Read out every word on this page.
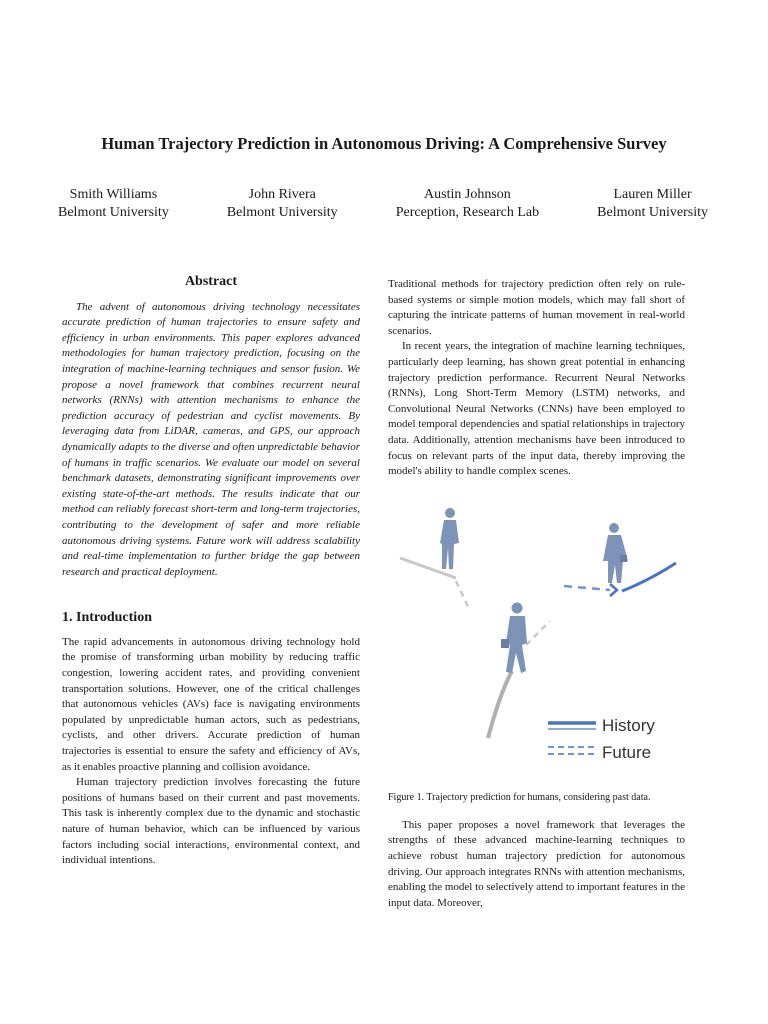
Human Trajectory Prediction in Autonomous Driving: A Comprehensive Survey
Smith Williams
Belmont University
John Rivera
Belmont University
Austin Johnson
Perception, Research Lab
Lauren Miller
Belmont University
Abstract

The advent of autonomous driving technology necessitates accurate prediction of human trajectories to ensure safety and efficiency in urban environments. This paper explores advanced methodologies for human trajectory prediction, focusing on the integration of machine-learning techniques and sensor fusion. We propose a novel framework that combines recurrent neural networks (RNNs) with attention mechanisms to enhance the prediction accuracy of pedestrian and cyclist movements. By leveraging data from LiDAR, cameras, and GPS, our approach dynamically adapts to the diverse and often unpredictable behavior of humans in traffic scenarios. We evaluate our model on several benchmark datasets, demonstrating significant improvements over existing state-of-the-art methods. The results indicate that our method can reliably forecast short-term and long-term trajectories, contributing to the development of safer and more reliable autonomous driving systems. Future work will address scalability and real-time implementation to further bridge the gap between research and practical deployment.

1. Introduction

The rapid advancements in autonomous driving technology hold the promise of transforming urban mobility by reducing traffic congestion, lowering accident rates, and providing convenient transportation solutions. However, one of the critical challenges that autonomous vehicles (AVs) face is navigating environments populated by unpredictable human actors, such as pedestrians, cyclists, and other drivers. Accurate prediction of human trajectories is essential to ensure the safety and efficiency of AVs, as it enables proactive planning and collision avoidance.

Human trajectory prediction involves forecasting the future positions of humans based on their current and past movements. This task is inherently complex due to the dynamic and stochastic nature of human behavior, which can be influenced by various factors including social interactions, environmental context, and individual intentions.

Traditional methods for trajectory prediction often rely on rule-based systems or simple motion models, which may fall short of capturing the intricate patterns of human movement in real-world scenarios.

In recent years, the integration of machine learning techniques, particularly deep learning, has shown great potential in enhancing trajectory prediction performance. Recurrent Neural Networks (RNNs), Long Short-Term Memory (LSTM) networks, and Convolutional Neural Networks (CNNs) have been employed to model temporal dependencies and spatial relationships in trajectory data. Additionally, attention mechanisms have been introduced to focus on relevant parts of the input data, thereby improving the model's ability to handle complex scenes.

History
Future

Figure 1. Trajectory prediction for humans, considering past data.

This paper proposes a novel framework that leverages the strengths of these advanced machine-learning techniques to achieve robust human trajectory prediction for autonomous driving. Our approach integrates RNNs with attention mechanisms, enabling the model to selectively attend to important features in the input data. Moreover,
